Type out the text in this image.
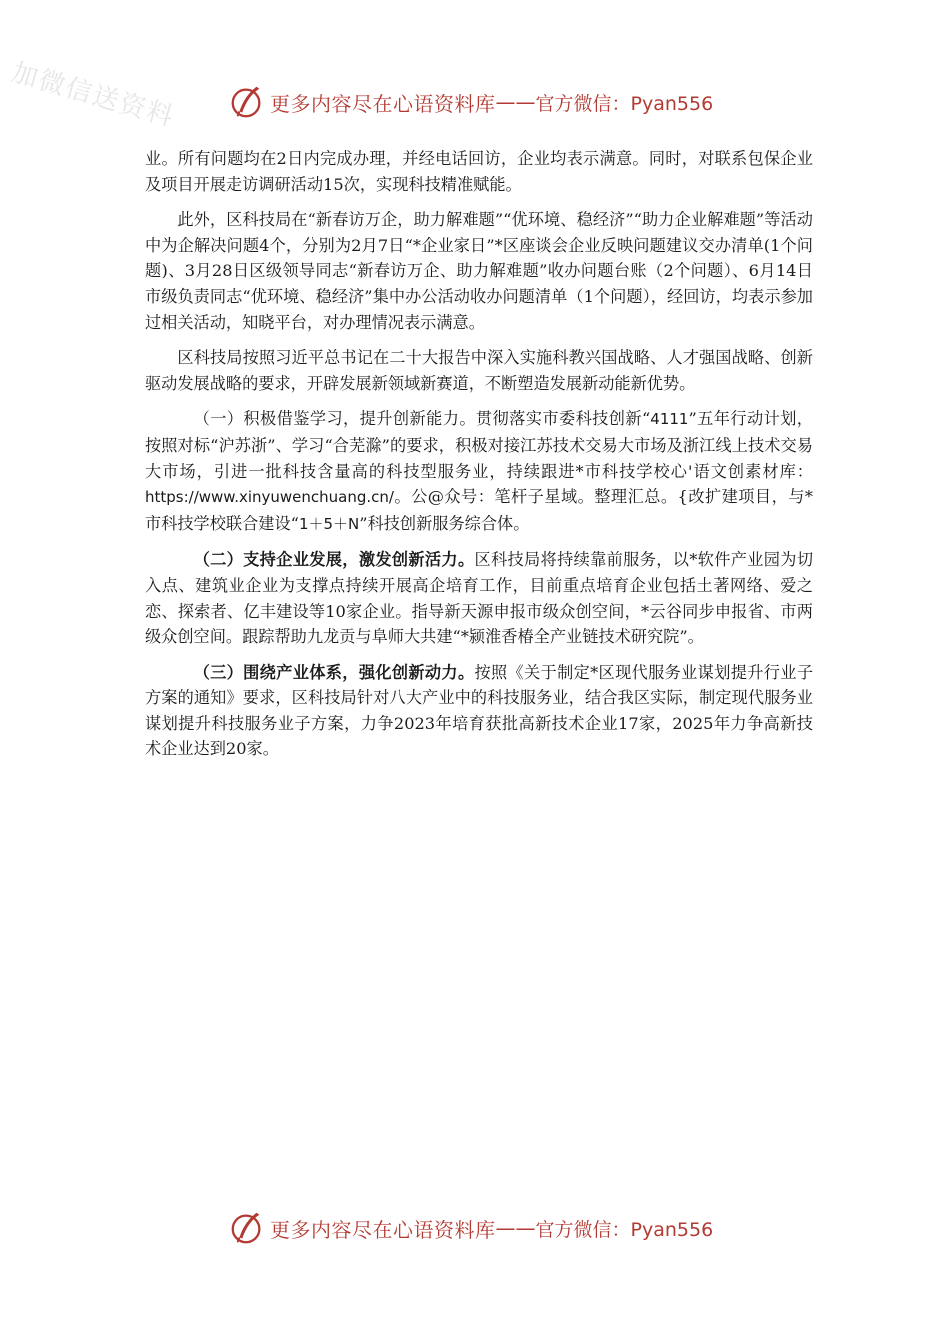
加微信送资料	更多内容尽在心语资料库 —— 官方微信：Pyan556

业。所有问题均在2日内完成办理，并经电话回访，企业均表示满意。同时，对联系包保企业及项目开展走访调研活动15次，实现科技精准赋能。

此外，区科技局在“新春访万企，助力解难题”“优环境、稳经济”“助力企业解难题”等活动中为企解决问题4个，分别为2月7日“*企业家日”*区座谈会企业反映问题建议交办清单(1个问题)、3月28日区级领导同志“新春访万企、助力解难题”收办问题台账（2个问题）、6月14日市级负责同志“优环境、稳经济”集中办公活动收办问题清单（1个问题），经回访，均表示参加过相关活动，知晓平台，对办理情况表示满意。

区科技局按照习近平总书记在二十大报告中深入实施科教兴国战略、人才强国战略、创新驱动发展战略的要求，开辟发展新领域新赛道，不断塑造发展新动能新优势。

（一）积极借鉴学习，提升创新能力。贯彻落实市委科技创新“4111”五年行动计划，按照对标“沪苏浙”、学习“合芜滁”的要求，积极对接江苏技术交易大市场及浙江线上技术交易大市场，引进一批科技含量高的科技型服务业，持续跟进*市科技学校心'语文创素材库：https://www.xinyuwenchuang.cn/。公@众号：笔杆子星域。整理汇总。{改扩建项目，与*市科技学校联合建设“1＋5＋N”科技创新服务综合体。

（二）支持企业发展，激发创新活力。区科技局将持续靠前服务，以*软件产业园为切入点、建筑业企业为支撑点持续开展高企培育工作，目前重点培育企业包括土著网络、爱之恋、探索者、亿丰建设等10家企业。指导新天源申报市级众创空间，*云谷同步申报省、市两级众创空间。跟踪帮助九龙贡与阜师大共建“*颍淮香椿全产业链技术研究院”。

（三）围绕产业体系，强化创新动力。按照《关于制定*区现代服务业谋划提升行业子方案的通知》要求，区科技局针对八大产业中的科技服务业，结合我区实际，制定现代服务业谋划提升科技服务业子方案，力争2023年培育获批高新技术企业17家，2025年力争高新技术企业达到20家。

更多内容尽在心语资料库 —— 官方微信：Pyan556
